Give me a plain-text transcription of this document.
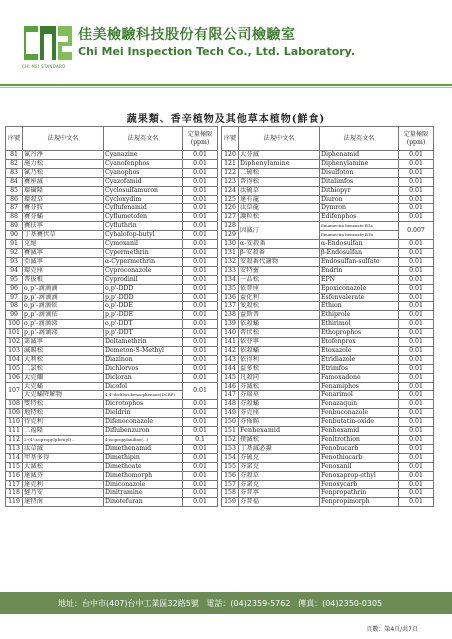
CHI MEI STANDARD
佳美檢驗科技股份有限公司檢驗室
Chi Mei Inspection Tech Co., Ltd. Laboratory.
蔬果類、香辛植物及其他草本植物(鮮食)
序號	法規中文名	法規英文名	定量極限 (ppm)
81	氰丹淨	Cyanazine	0.01
82	施力松	Cyanofenphos	0.01
83	氰乃松	Cyanophos	0.01
84	賽座滅	Cyazofamid	0.01
85	環磺隆	Cyclosulfamuron	0.01
86	環殺草	Cycloxydim	0.01
87	賽芬胺	Cyflufenamid	0.01
88	賽芬蟎	Cyflumetofen	0.01
89	賽扶寧	Cyfluthrin	0.01
90	丁基賽伏草	Cyhalofop-butyl	0.01
91	克絕	Cymoxanil	0.01
92	賽滅寧	Cypermethrin	0.01
93	亞滅寧	α-Cypermethrin	0.01
94	環克座	Cyproconazole	0.01
95	普拔根	Cyprodinil	0.01
96	o,p'-滴滴滴	o,p'-DDD	0.01
97	p,p'-滴滴滴	p,p'-DDD	0.01
98	o,p'-滴滴依	o,p'-DDE	0.01
99	p,p'-滴滴依	p,p'-DDE	0.01
100	o,p'-滴滴涕	o,p'-DDT	0.01
101	p,p'-滴滴涕	p,p'-DDT	0.01
102	第滅寧	Deltamethrin	0.01
103	滅賜松	Demeton-S-Methyl	0.01
104	大利松	Diazinon	0.01
105	二氯松	Dichlorvos	0.01
106	大克爛	Dicloran	0.01
107	大克蟎	Dicofol	0.01
	大克蟎降解物	4,4'-dichlorobenzophenone(DCBP)	
108	雙特松	Dicrotophos	0.01
109	地特松	Dieldrin	0.01
110	待克利	Difenoconazole	0.01
111	二福隆	Diflubenzuron	0.01
112	2-(4-isopropylphenyl)...	4-isopropylaniline(...)	0.1
113	汰草滅	Dimethenamid	0.01
114	甲基多得	Dimethipin	0.01
115	大滅松	Dimethoate	0.01
116	達滅芬	Dimethomorph	0.01
117	達克利	Diniconazole	0.01
118	撻乃安	Dinitramine	0.01
119	達特南	Dinotefuran	0.01
序號	法規中文名	法規英文名	定量極限 (ppm)
120	大芬滅	Diphenamid	0.01
121	Diphenylamine	Diphenylamine	0.01
122	二硫松	Disulfoton	0.01
123	普得松	Ditalimfos	0.01
124	汰硫草	Dithiopyr	0.01
125	達有龍	Diuron	0.01
126	汰草龍	Dymron	0.01
127	護粒松	Edifenphos	0.01
128	因滅汀	Emamectin benzoate B1a	0.007
129		Emamectin benzoate B1b	
130	α-安殺番	α-Endosulfan	0.01
131	β-安殺番	β-Endosulfan	0.01
132	安殺番代謝物	Endosulfan-sulfate	0.01
133	安特靈	Endrin	0.01
134	一品松	EPN	0.01
135	依普座	Epoxiconazole	0.01
136	益化利	Esfenvalerate	0.01
137	愛殺松	Ethion	0.01
138	益斯普	Ethiprole	0.01
139	依殺蟎	Ethirimol	0.01
140	普伏松	Ethoprophos	0.01
141	依芬寧	Etofenprox	0.01
142	依殺蟎	Etoxazole	0.01
143	依得利	Etridiazole	0.01
144	益多松	Etrimfos	0.01
145	凡殺同	Famoxadone	0.01
146	芬滅松	Fenamiphos	0.01
147	芬瑞莫	Fenarimol	0.01
148	芬殺蟎	Fenazaquin	0.01
149	芬克座	Fenbuconazole	0.01
150	芬佈賜	Fenbutatin-oxide	0.01
151	Fenhexamid	Fenhexamid	0.01
152	撲滅松	Fenitrothion	0.01
153	丁基滅必蝨	Fenobucarb	0.01
154	芬硫克	Fenothiocarb	0.01
155	芬諾克	Fenoxanil	0.01
156	芬殺草	Fenoxaprop-ethyl	0.01
157	芬諾克	Fenoxycarb	0.01
158	芬普寧	Fenpropathrin	0.01
159	芬普福	Fenpropimorph	0.01
地址：台中市(407)台中工業區32路5號 電話：(04)2359-5762 傳真：(04)2350-0305
頁數：第4頁/共7頁
